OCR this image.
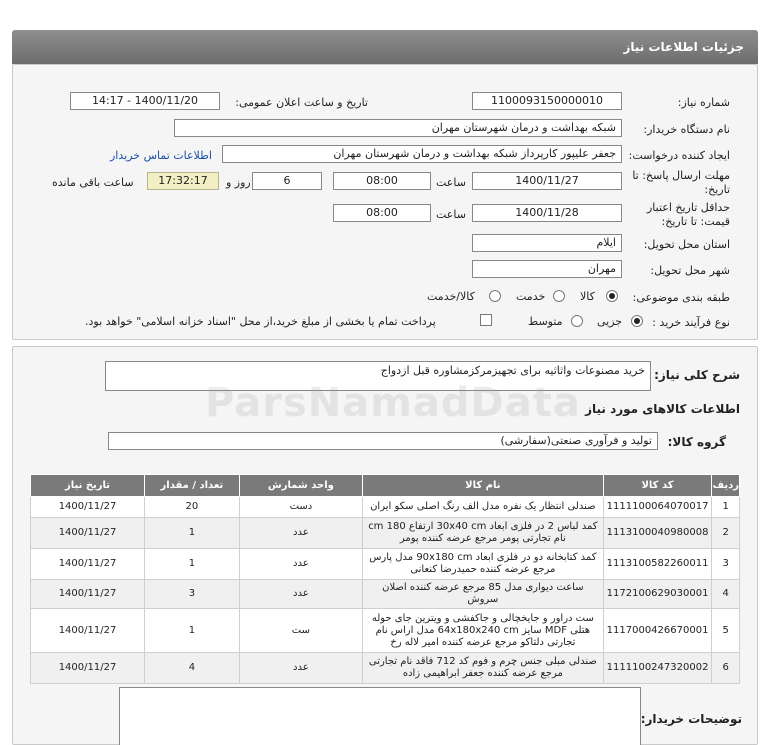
جزئیات اطلاعات نیاز
شماره نیاز:
1100093150000010
تاریخ و ساعت اعلان عمومی:
1400/11/20 - 14:17
نام دستگاه خریدار:
شبکه بهداشت و درمان شهرستان مهران
ایجاد کننده درخواست:
جعفر علیپور کارپرداز شبکه بهداشت و درمان شهرستان مهران
اطلاعات تماس خریدار
مهلت ارسال پاسخ: تا
تاریخ:
1400/11/27
ساعت
08:00
6
روز و
17:32:17
ساعت باقی مانده
حداقل تاریخ اعتبار
قیمت: تا تاریخ:
1400/11/28
ساعت
08:00
استان محل تحویل:
ایلام
شهر محل تحویل:
مهران
طبقه بندی موضوعی:
کالا
خدمت
کالا/خدمت
نوع فرآیند خرید :
جزیی
متوسط
پرداخت تمام یا بخشی از مبلغ خرید،از محل "اسناد خزانه اسلامی" خواهد بود.
شرح کلی نیاز:
خرید مصنوعات واثاثیه برای تجهیزمرکزمشاوره قبل ازدواج
اطلاعات کالاهای مورد نیاز
گروه کالا:
تولید و فرآوری صنعتی(سفارشی)
ردیف	کد کالا	نام کالا	واحد شمارش	تعداد / مقدار	تاریخ نیاز
1	1111100064070017	صندلی انتظار یک نفره مدل الف رنگ اصلی سکو ایران	دست	20	1400/11/27
2	1113100040980008	کمد لباس 2 در فلزی ابعاد 30x40 cm ارتفاع 180 cm نام تجارتی پومر مرجع عرضه کننده پومر	عدد	1	1400/11/27
3	1113100582260011	کمد کتابخانه دو در فلزی ابعاد 90x180 cm مدل پارس مرجع عرضه کننده حمیدرضا کنعانی	عدد	1	1400/11/27
4	1172100629030001	ساعت دیواری مدل 85 مرجع عرضه کننده اصلان سروش	عدد	3	1400/11/27
5	1117000426670001	ست دراور و جایخچالی و جاکفشی و ویترین جای حوله هتلی MDF سایز 64x180x240 cm مدل اراس نام تجارتی دلتاکو مرجع عرضه کننده امیر لاله رخ	ست	1	1400/11/27
6	1111100247320002	صندلی مبلی جنس چرم و فوم کد 712 فاقد نام تجارتی مرجع عرضه کننده جعفر ابراهیمی زاده	عدد	4	1400/11/27
توضیحات خریدار:
